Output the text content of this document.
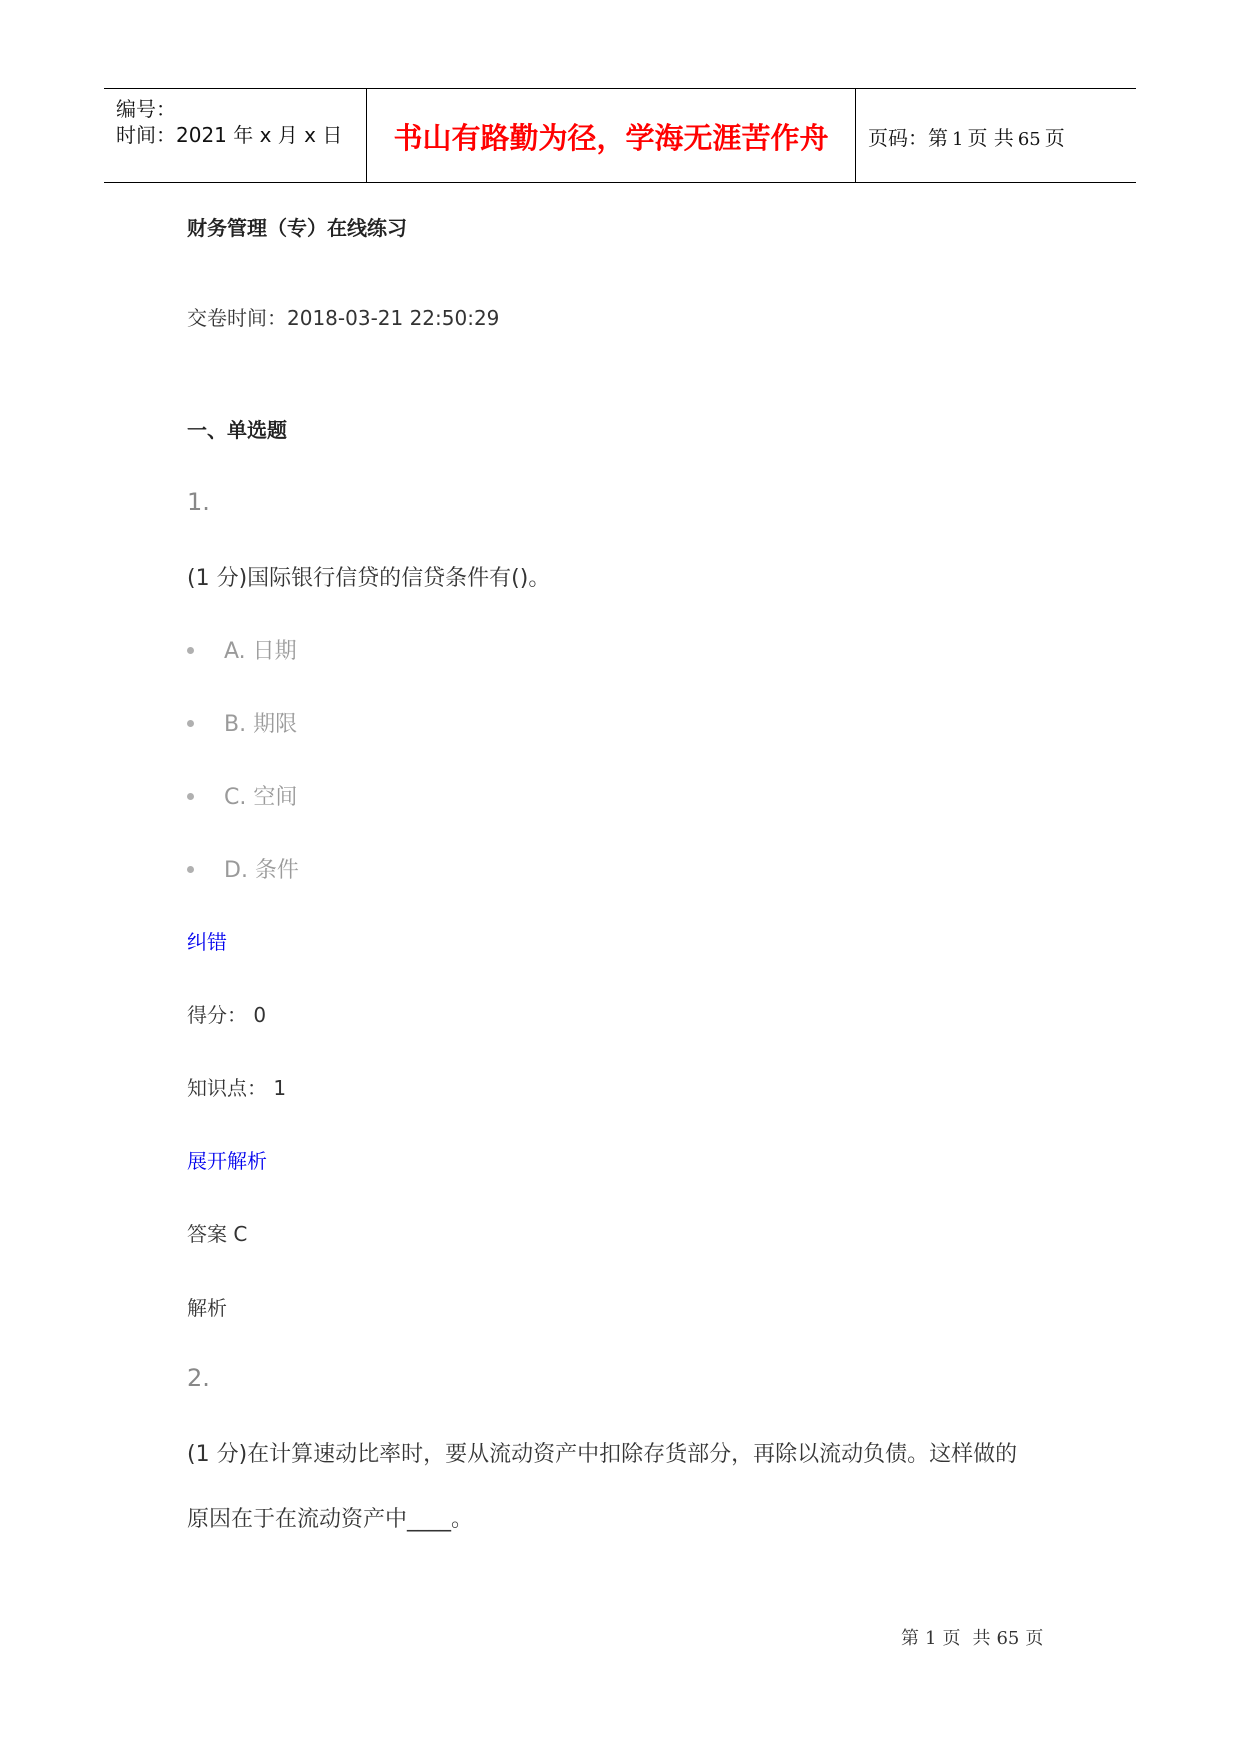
编号：
时间：2021 年 x 月 x 日	书山有路勤为径，学海无涯苦作舟	页码：第 1 页 共 65 页
财务管理（专）在线练习
交卷时间：2018-03-21 22:50:29
一、单选题
1.
(1 分)国际银行信贷的信贷条件有()。
A. 日期
B. 期限
C. 空间
D. 条件
纠错
得分： 0
知识点： 1
展开解析
答案 C
解析
2.
(1 分)在计算速动比率时，要从流动资产中扣除存货部分，再除以流动负债。这样做的
原因在于在流动资产中____。
第 1 页 共 65 页
